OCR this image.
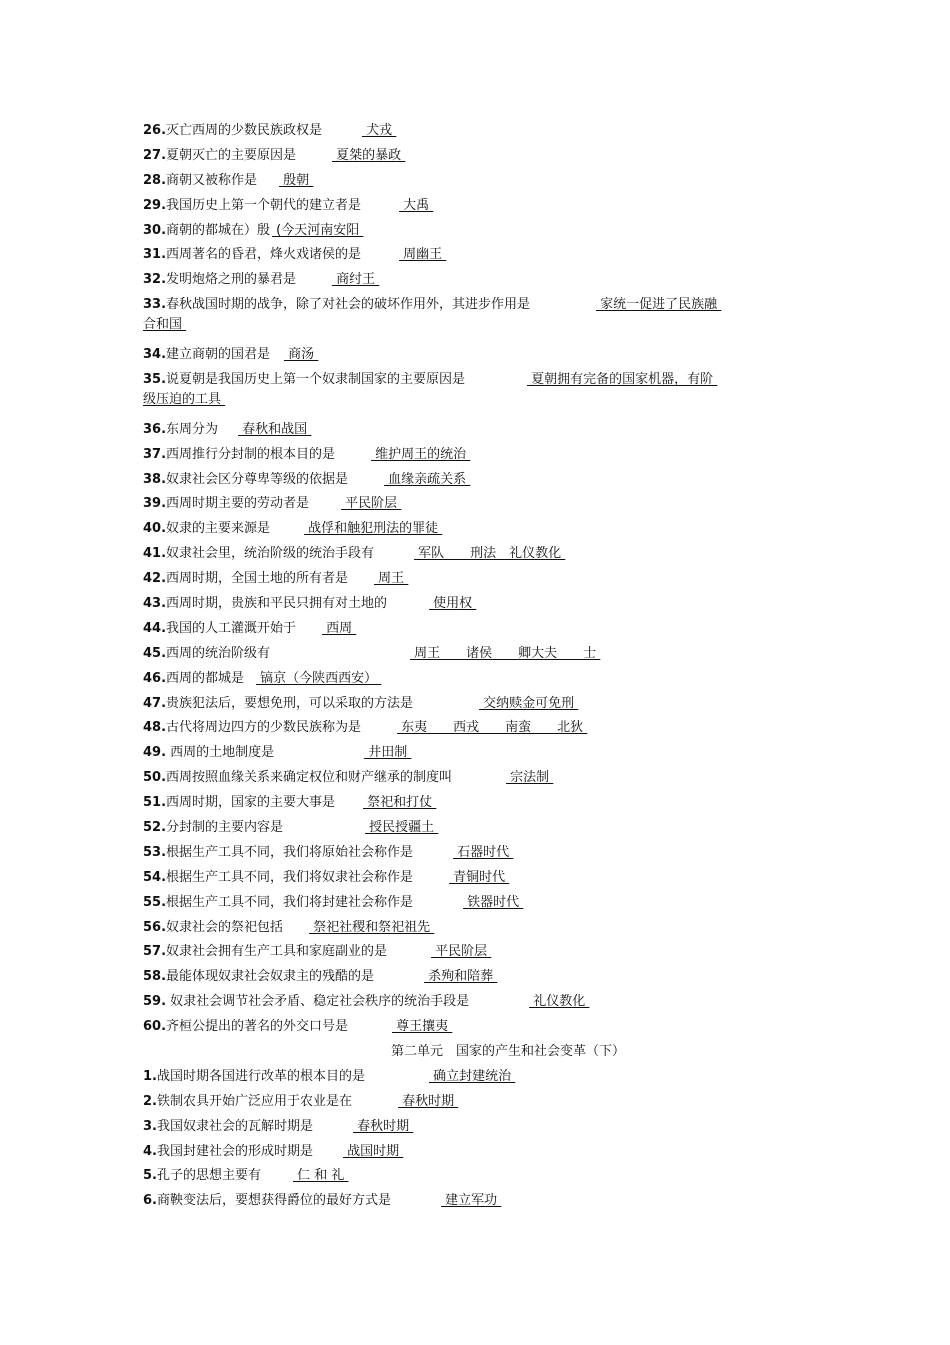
26.灭亡西周的少数民族政权是	犬戎
27.夏朝灭亡的主要原因是	夏桀的暴政
28.商朝又被称作是 殷朝
29.我国历史上第一个朝代的建立者是	大禹
30.商朝的都城在）殷 (今天河南安阳
31.西周著名的昏君，烽火戏诸侯的是	周幽王
32.发明炮烙之刑的暴君是	商纣王
33.春秋战国时期的战争，除了对社会的破坏作用外，其进步作用是	家统一促进了民族融
合和国
34.建立商朝的国君是 商汤
35.说夏朝是我国历史上第一个奴隶制国家的主要原因是	夏朝拥有完备的国家机器，有阶
级压迫的工具
36.东周分为 春秋和战国
37.西周推行分封制的根本目的是	维护周王的统治
38.奴隶社会区分尊卑等级的依据是	血缘亲疏关系
39.西周时期主要的劳动者是 平民阶层
40.奴隶的主要来源是	战俘和触犯刑法的罪徒
41.奴隶社会里，统治阶级的统治手段有	军队　　刑法　礼仪教化
42.西周时期，全国土地的所有者是 周王
43.西周时期，贵族和平民只拥有对土地的	使用权
44.我国的人工灌溉开始于 西周
45.西周的统治阶级有	周王　　诸侯　　卿大夫　　士
46.西周的都城是 镐京（今陕西西安）
47.贵族犯法后，要想免刑，可以采取的方法是	交纳赎金可免刑
48.古代将周边四方的少数民族称为是	东夷　　西戎　　南蛮　　北狄
49. 西周的土地制度是	井田制
50.西周按照血缘关系来确定权位和财产继承的制度叫	宗法制
51.西周时期，国家的主要大事是 祭祀和打仗
52.分封制的主要内容是	授民授疆土
53.根据生产工具不同，我们将原始社会称作是	石器时代
54.根据生产工具不同，我们将奴隶社会称作是	青铜时代
55.根据生产工具不同，我们将封建社会称作是	铁器时代
56.奴隶社会的祭祀包括 祭祀社稷和祭祀祖先
57.奴隶社会拥有生产工具和家庭副业的是	平民阶层
58.最能体现奴隶社会奴隶主的残酷的是	杀殉和陪葬
59. 奴隶社会调节社会矛盾、稳定社会秩序的统治手段是	礼仪教化
60.齐桓公提出的著名的外交口号是	尊王攘夷
第二单元　国家的产生和社会变革（下）
1.战国时期各国进行改革的根本目的是	确立封建统治
2.铁制农具开始广泛应用于农业是在	春秋时期
3.我国奴隶社会的瓦解时期是	春秋时期
4.我国封建社会的形成时期是 战国时期
5.孔子的思想主要有 仁 和 礼
6.商鞅变法后，要想获得爵位的最好方式是	建立军功
